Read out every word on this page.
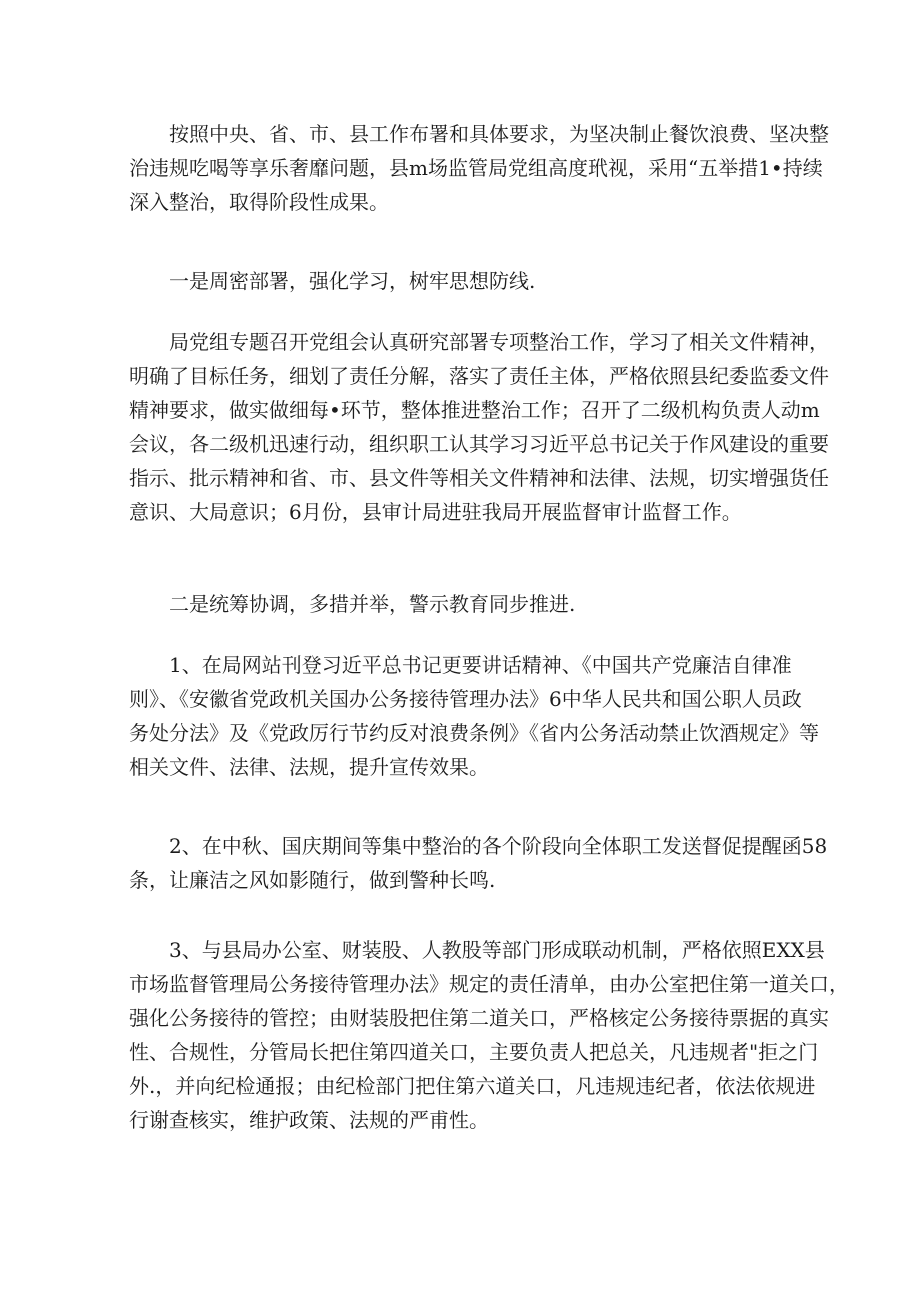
按照中央、省、市、县工作布署和具体要求，为坚决制止餐饮浪费、坚决整
治违规吃喝等享乐奢靡问题，县m场监管局党组高度玳视，采用“五举措1•持续
深入整治，取得阶段性成果。
一是周密部署，强化学习，树牢思想防线.
局党组专题召开党组会认真研究部署专项整治工作，学习了相关文件精神，
明确了目标任务，细划了责任分解，落实了责任主体，严格依照县纪委监委文件
精神要求，做实做细每•环节，整体推进整治工作；召开了二级机构负责人动m
会议，各二级机迅速行动，组织职工认其学习习近平总书记关于作风建设的重要
指示、批示精神和省、市、县文件等相关文件精神和法律、法规，切实增强货任
意识、大局意识；6月份，县审计局进驻我局开展监督审计监督工作。
二是统筹协调，多措并举，警示教育同步推进.
1、在局网站刊登习近平总书记更要讲话精神、《中国共产党廉洁自律准
则》、《安徽省党政机关国办公务接待管理办法》6中华人民共和国公职人员政
务处分法》及《党政厉行节约反对浪费条例》《省内公务活动禁止饮酒规定》等
相关文件、法律、法规，提升宣传效果。
2、在中秋、国庆期间等集中整治的各个阶段向全体职工发送督促提醒函58
条，让廉洁之风如影随行，做到警种长鸣.
3、与县局办公室、财装股、人教股等部门形成联动机制，严格依照EXX县
市场监督管理局公务接待管理办法》规定的责任清单，由办公室把住第一道关口，
强化公务接待的管控；由财装股把住第二道关口，严格核定公务接待票据的真实
性、合规性，分管局长把住第四道关口，主要负责人把总关，凡违规者"拒之门
外.，并向纪检通报；由纪检部门把住第六道关口，凡违规违纪者，依法依规进
行谢查核实，维护政策、法规的严甫性。
